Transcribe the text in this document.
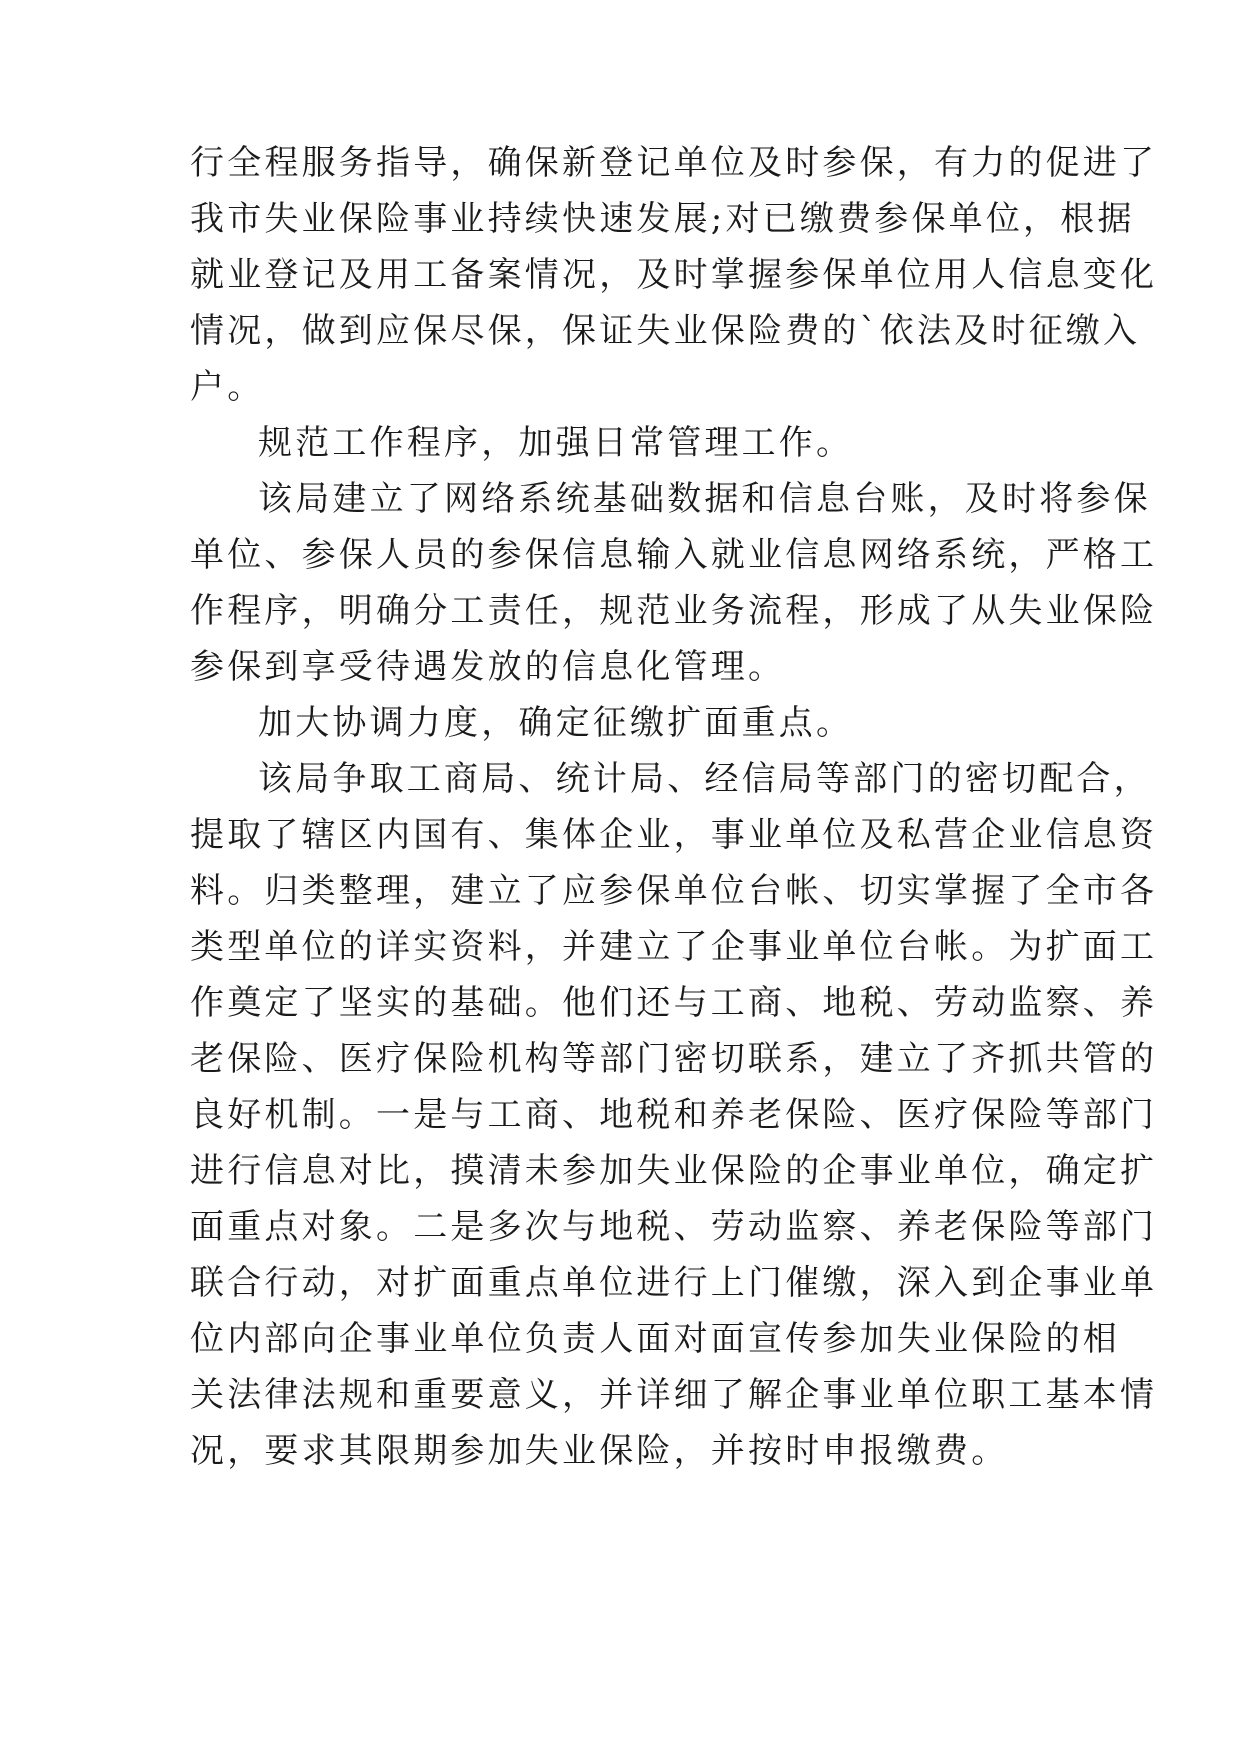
行全程服务指导，确保新登记单位及时参保，有力的促进了
我市失业保险事业持续快速发展;对已缴费参保单位，根据
就业登记及用工备案情况，及时掌握参保单位用人信息变化
情况，做到应保尽保，保证失业保险费的`依法及时征缴入
户。
规范工作程序，加强日常管理工作。
该局建立了网络系统基础数据和信息台账，及时将参保
单位、参保人员的参保信息输入就业信息网络系统，严格工
作程序，明确分工责任，规范业务流程，形成了从失业保险
参保到享受待遇发放的信息化管理。
加大协调力度，确定征缴扩面重点。
该局争取工商局、统计局、经信局等部门的密切配合，
提取了辖区内国有、集体企业，事业单位及私营企业信息资
料。归类整理，建立了应参保单位台帐、切实掌握了全市各
类型单位的详实资料，并建立了企事业单位台帐。为扩面工
作奠定了坚实的基础。他们还与工商、地税、劳动监察、养
老保险、医疗保险机构等部门密切联系，建立了齐抓共管的
良好机制。一是与工商、地税和养老保险、医疗保险等部门
进行信息对比，摸清未参加失业保险的企事业单位，确定扩
面重点对象。二是多次与地税、劳动监察、养老保险等部门
联合行动，对扩面重点单位进行上门催缴，深入到企事业单
位内部向企事业单位负责人面对面宣传参加失业保险的相
关法律法规和重要意义，并详细了解企事业单位职工基本情
况，要求其限期参加失业保险，并按时申报缴费。
